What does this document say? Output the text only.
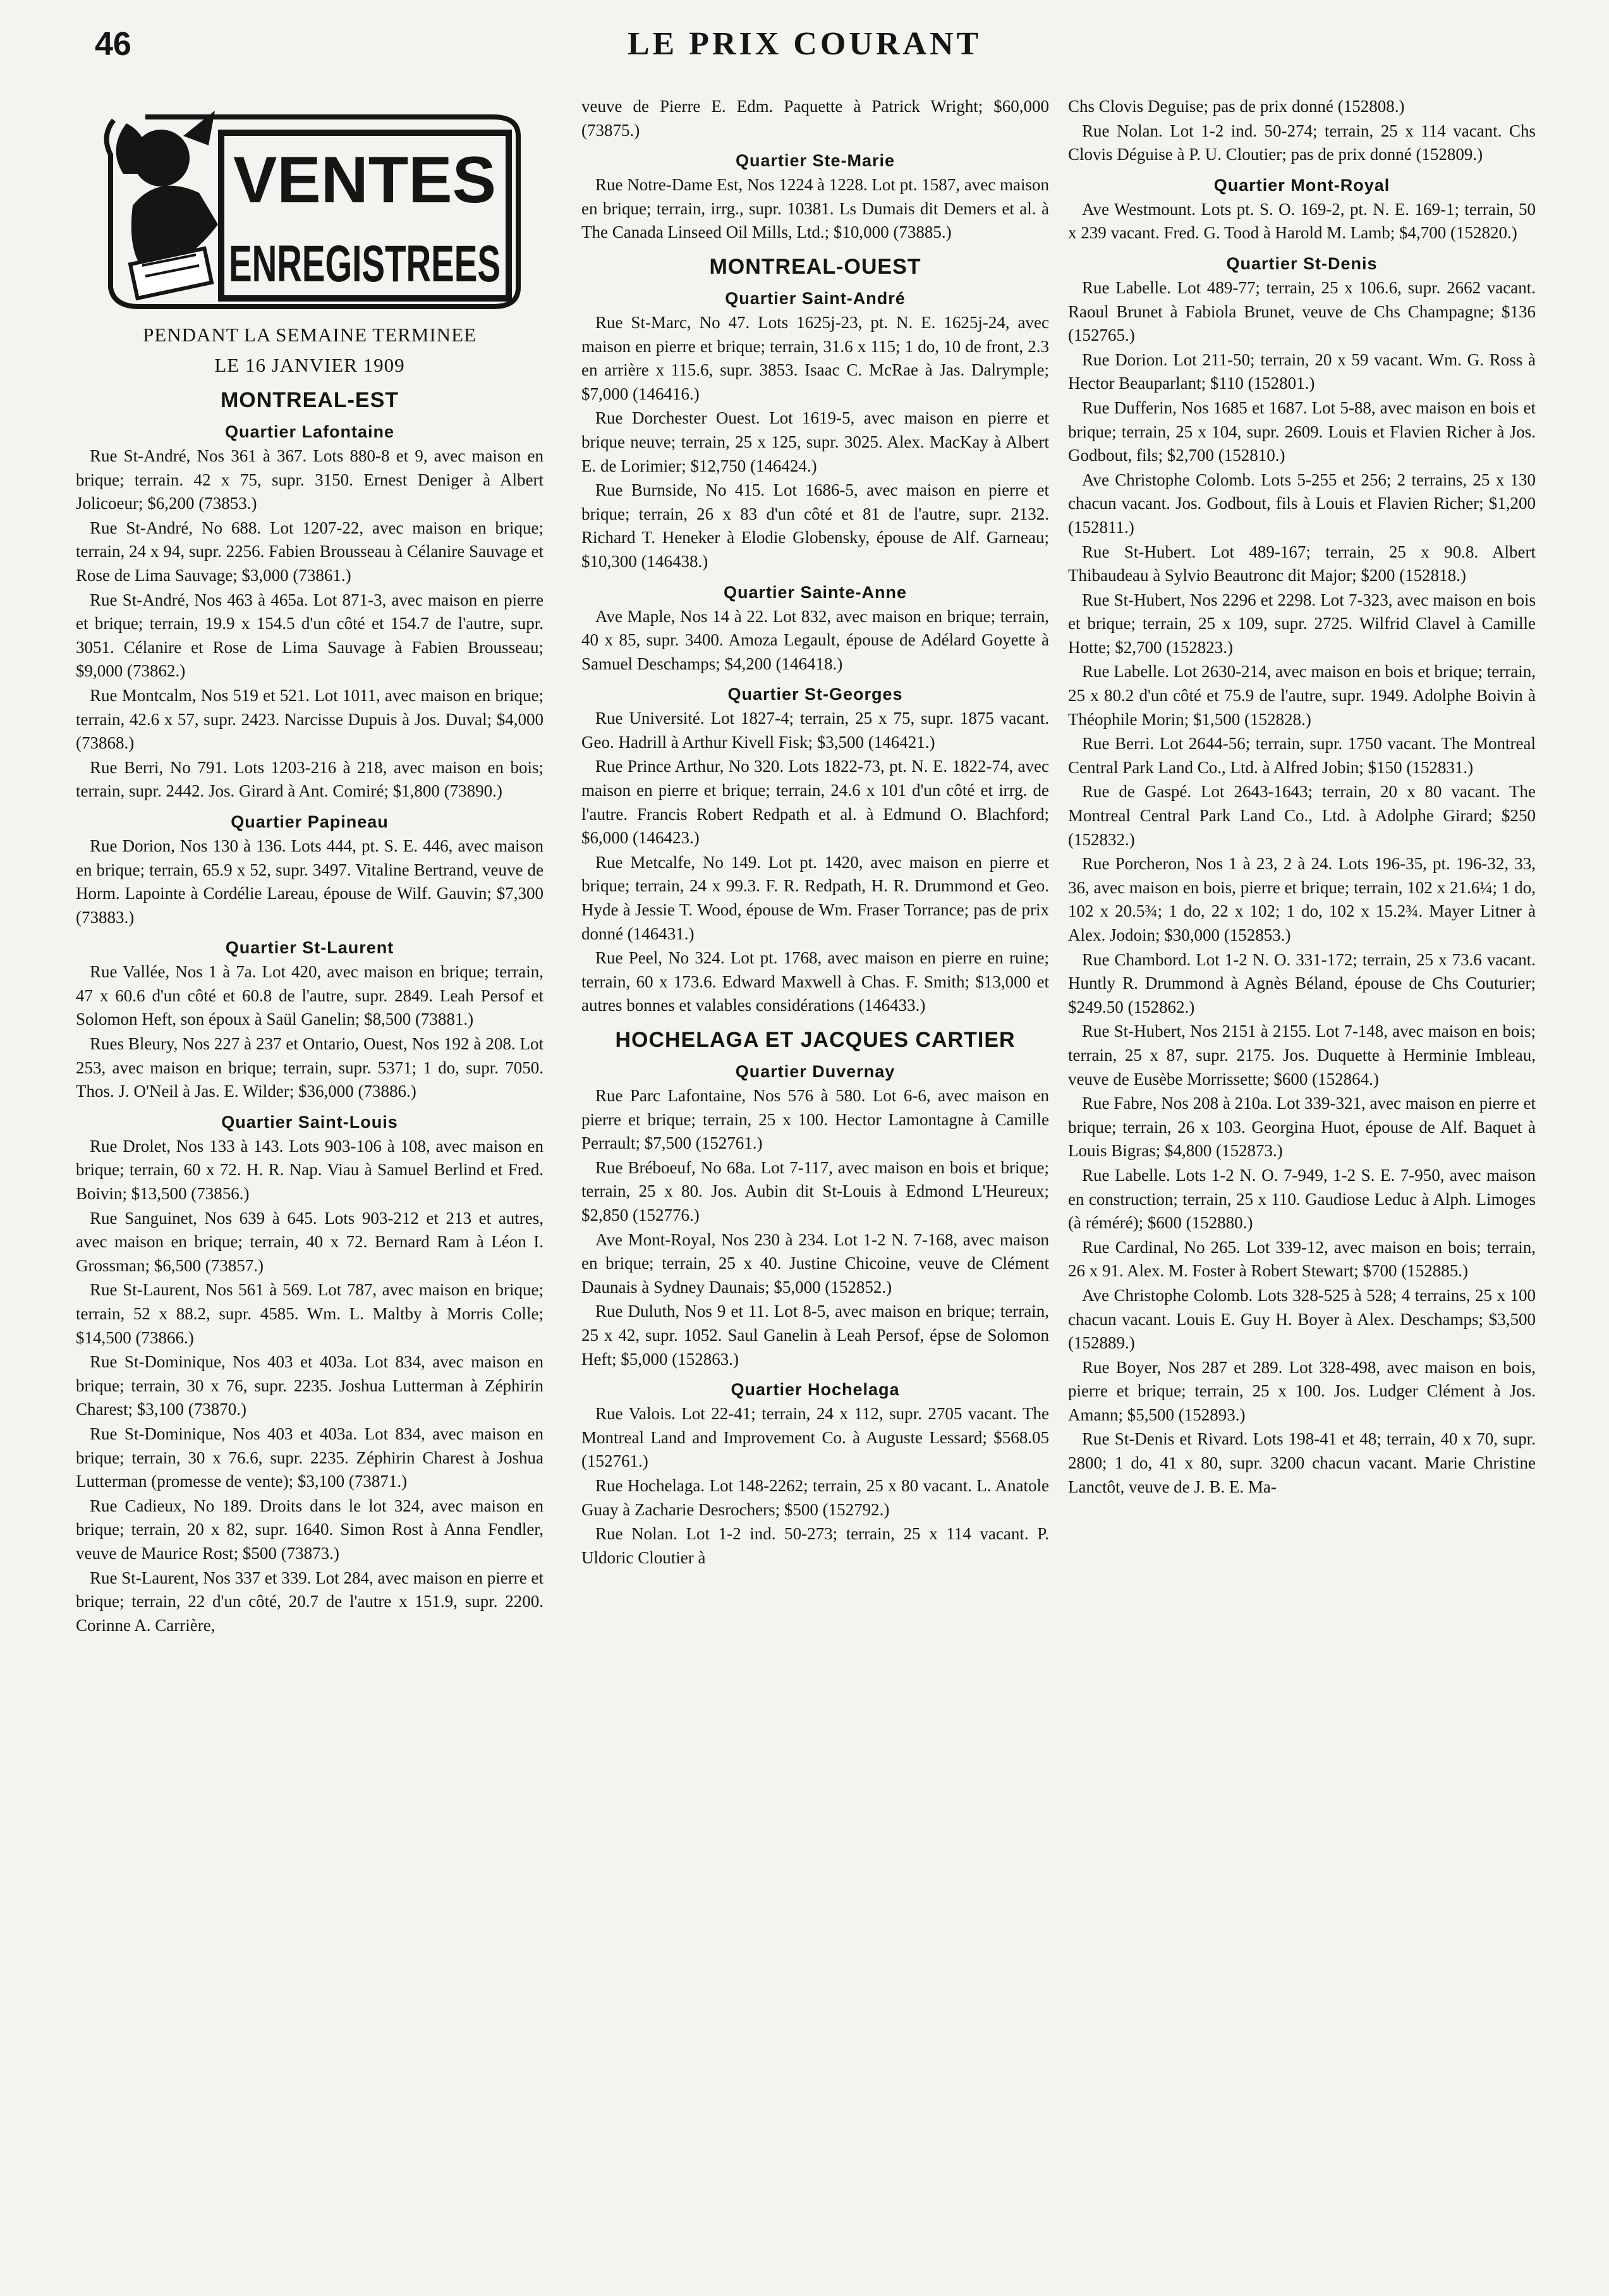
46	LE PRIX COURANT
VENTES
ENREGISTREES
PENDANT LA SEMAINE TERMINEE
LE 16 JANVIER 1909
MONTREAL-EST
Quartier Lafontaine
Rue St-André, Nos 361 à 367. Lots 880-8 et 9, avec maison en brique; terrain. 42 x 75, supr. 3150. Ernest Deniger à Albert Jolicoeur; $6,200 (73853.)
Rue St-André, No 688. Lot 1207-22, avec maison en brique; terrain, 24 x 94, supr. 2256. Fabien Brousseau à Célanire Sauvage et Rose de Lima Sauvage; $3,000 (73861.)
Rue St-André, Nos 463 à 465a. Lot 871-3, avec maison en pierre et brique; terrain, 19.9 x 154.5 d'un côté et 154.7 de l'autre, supr. 3051. Célanire et Rose de Lima Sauvage à Fabien Brousseau; $9,000 (73862.)
Rue Montcalm, Nos 519 et 521. Lot 1011, avec maison en brique; terrain, 42.6 x 57, supr. 2423. Narcisse Dupuis à Jos. Duval; $4,000 (73868.)
Rue Berri, No 791. Lots 1203-216 à 218, avec maison en bois; terrain, supr. 2442. Jos. Girard à Ant. Comiré; $1,800 (73890.)
Quartier Papineau
Rue Dorion, Nos 130 à 136. Lots 444, pt. S. E. 446, avec maison en brique; terrain, 65.9 x 52, supr. 3497. Vitaline Bertrand, veuve de Horm. Lapointe à Cordélie Lareau, épouse de Wilf. Gauvin; $7,300 (73883.)
Quartier St-Laurent
Rue Vallée, Nos 1 à 7a. Lot 420, avec maison en brique; terrain, 47 x 60.6 d'un côté et 60.8 de l'autre, supr. 2849. Leah Persof et Solomon Heft, son époux à Saül Ganelin; $8,500 (73881.)
Rues Bleury, Nos 227 à 237 et Ontario, Ouest, Nos 192 à 208. Lot 253, avec maison en brique; terrain, supr. 5371; 1 do, supr. 7050. Thos. J. O'Neil à Jas. E. Wilder; $36,000 (73886.)
Quartier Saint-Louis
Rue Drolet, Nos 133 à 143. Lots 903-106 à 108, avec maison en brique; terrain, 60 x 72. H. R. Nap. Viau à Samuel Berlind et Fred. Boivin; $13,500 (73856.)
Rue Sanguinet, Nos 639 à 645. Lots 903-212 et 213 et autres, avec maison en brique; terrain, 40 x 72. Bernard Ram à Léon I. Grossman; $6,500 (73857.)
Rue St-Laurent, Nos 561 à 569. Lot 787, avec maison en brique; terrain, 52 x 88.2, supr. 4585. Wm. L. Maltby à Morris Colle; $14,500 (73866.)
Rue St-Dominique, Nos 403 et 403a. Lot 834, avec maison en brique; terrain, 30 x 76, supr. 2235. Joshua Lutterman à Zéphirin Charest; $3,100 (73870.)
Rue St-Dominique, Nos 403 et 403a. Lot 834, avec maison en brique; terrain, 30 x 76.6, supr. 2235. Zéphirin Charest à Joshua Lutterman (promesse de vente); $3,100 (73871.)
Rue Cadieux, No 189. Droits dans le lot 324, avec maison en brique; terrain, 20 x 82, supr. 1640. Simon Rost à Anna Fendler, veuve de Maurice Rost; $500 (73873.)
Rue St-Laurent, Nos 337 et 339. Lot 284, avec maison en pierre et brique; terrain, 22 d'un côté, 20.7 de l'autre x 151.9, supr. 2200. Corinne A. Carrière,
veuve de Pierre E. Edm. Paquette à Patrick Wright; $60,000 (73875.)
Quartier Ste-Marie
Rue Notre-Dame Est, Nos 1224 à 1228. Lot pt. 1587, avec maison en brique; terrain, irrg., supr. 10381. Ls Dumais dit Demers et al. à The Canada Linseed Oil Mills, Ltd.; $10,000 (73885.)
MONTREAL-OUEST
Quartier Saint-André
Rue St-Marc, No 47. Lots 1625j-23, pt. N. E. 1625j-24, avec maison en pierre et brique; terrain, 31.6 x 115; 1 do, 10 de front, 2.3 en arrière x 115.6, supr. 3853. Isaac C. McRae à Jas. Dalrymple; $7,000 (146416.)
Rue Dorchester Ouest. Lot 1619-5, avec maison en pierre et brique neuve; terrain, 25 x 125, supr. 3025. Alex. MacKay à Albert E. de Lorimier; $12,750 (146424.)
Rue Burnside, No 415. Lot 1686-5, avec maison en pierre et brique; terrain, 26 x 83 d'un côté et 81 de l'autre, supr. 2132. Richard T. Heneker à Elodie Globensky, épouse de Alf. Garneau; $10,300 (146438.)
Quartier Sainte-Anne
Ave Maple, Nos 14 à 22. Lot 832, avec maison en brique; terrain, 40 x 85, supr. 3400. Amoza Legault, épouse de Adélard Goyette à Samuel Deschamps; $4,200 (146418.)
Quartier St-Georges
Rue Université. Lot 1827-4; terrain, 25 x 75, supr. 1875 vacant. Geo. Hadrill à Arthur Kivell Fisk; $3,500 (146421.)
Rue Prince Arthur, No 320. Lots 1822-73, pt. N. E. 1822-74, avec maison en pierre et brique; terrain, 24.6 x 101 d'un côté et irrg. de l'autre. Francis Robert Redpath et al. à Edmund O. Blachford; $6,000 (146423.)
Rue Metcalfe, No 149. Lot pt. 1420, avec maison en pierre et brique; terrain, 24 x 99.3. F. R. Redpath, H. R. Drummond et Geo. Hyde à Jessie T. Wood, épouse de Wm. Fraser Torrance; pas de prix donné (146431.)
Rue Peel, No 324. Lot pt. 1768, avec maison en pierre en ruine; terrain, 60 x 173.6. Edward Maxwell à Chas. F. Smith; $13,000 et autres bonnes et valables considérations (146433.)
HOCHELAGA ET JACQUES CARTIER
Quartier Duvernay
Rue Parc Lafontaine, Nos 576 à 580. Lot 6-6, avec maison en pierre et brique; terrain, 25 x 100. Hector Lamontagne à Camille Perrault; $7,500 (152761.)
Rue Bréboeuf, No 68a. Lot 7-117, avec maison en bois et brique; terrain, 25 x 80. Jos. Aubin dit St-Louis à Edmond L'Heureux; $2,850 (152776.)
Ave Mont-Royal, Nos 230 à 234. Lot 1-2 N. 7-168, avec maison en brique; terrain, 25 x 40. Justine Chicoine, veuve de Clément Daunais à Sydney Daunais; $5,000 (152852.)
Rue Duluth, Nos 9 et 11. Lot 8-5, avec maison en brique; terrain, 25 x 42, supr. 1052. Saul Ganelin à Leah Persof, épse de Solomon Heft; $5,000 (152863.)
Quartier Hochelaga
Rue Valois. Lot 22-41; terrain, 24 x 112, supr. 2705 vacant. The Montreal Land and Improvement Co. à Auguste Lessard; $568.05 (152761.)
Rue Hochelaga. Lot 148-2262; terrain, 25 x 80 vacant. L. Anatole Guay à Zacharie Desrochers; $500 (152792.)
Rue Nolan. Lot 1-2 ind. 50-273; terrain, 25 x 114 vacant. P. Uldoric Cloutier à
Chs Clovis Deguise; pas de prix donné (152808.)
Rue Nolan. Lot 1-2 ind. 50-274; terrain, 25 x 114 vacant. Chs Clovis Déguise à P. U. Cloutier; pas de prix donné (152809.)
Quartier Mont-Royal
Ave Westmount. Lots pt. S. O. 169-2, pt. N. E. 169-1; terrain, 50 x 239 vacant. Fred. G. Tood à Harold M. Lamb; $4,700 (152820.)
Quartier St-Denis
Rue Labelle. Lot 489-77; terrain, 25 x 106.6, supr. 2662 vacant. Raoul Brunet à Fabiola Brunet, veuve de Chs Champagne; $136 (152765.)
Rue Dorion. Lot 211-50; terrain, 20 x 59 vacant. Wm. G. Ross à Hector Beauparlant; $110 (152801.)
Rue Dufferin, Nos 1685 et 1687. Lot 5-88, avec maison en bois et brique; terrain, 25 x 104, supr. 2609. Louis et Flavien Richer à Jos. Godbout, fils; $2,700 (152810.)
Ave Christophe Colomb. Lots 5-255 et 256; 2 terrains, 25 x 130 chacun vacant. Jos. Godbout, fils à Louis et Flavien Richer; $1,200 (152811.)
Rue St-Hubert. Lot 489-167; terrain, 25 x 90.8. Albert Thibaudeau à Sylvio Beautronc dit Major; $200 (152818.)
Rue St-Hubert, Nos 2296 et 2298. Lot 7-323, avec maison en bois et brique; terrain, 25 x 109, supr. 2725. Wilfrid Clavel à Camille Hotte; $2,700 (152823.)
Rue Labelle. Lot 2630-214, avec maison en bois et brique; terrain, 25 x 80.2 d'un côté et 75.9 de l'autre, supr. 1949. Adolphe Boivin à Théophile Morin; $1,500 (152828.)
Rue Berri. Lot 2644-56; terrain, supr. 1750 vacant. The Montreal Central Park Land Co., Ltd. à Alfred Jobin; $150 (152831.)
Rue de Gaspé. Lot 2643-1643; terrain, 20 x 80 vacant. The Montreal Central Park Land Co., Ltd. à Adolphe Girard; $250 (152832.)
Rue Porcheron, Nos 1 à 23, 2 à 24. Lots 196-35, pt. 196-32, 33, 36, avec maison en bois, pierre et brique; terrain, 102 x 21.6¼; 1 do, 102 x 20.5¾; 1 do, 22 x 102; 1 do, 102 x 15.2¾. Mayer Litner à Alex. Jodoin; $30,000 (152853.)
Rue Chambord. Lot 1-2 N. O. 331-172; terrain, 25 x 73.6 vacant. Huntly R. Drummond à Agnès Béland, épouse de Chs Couturier; $249.50 (152862.)
Rue St-Hubert, Nos 2151 à 2155. Lot 7-148, avec maison en bois; terrain, 25 x 87, supr. 2175. Jos. Duquette à Herminie Imbleau, veuve de Eusèbe Morrissette; $600 (152864.)
Rue Fabre, Nos 208 à 210a. Lot 339-321, avec maison en pierre et brique; terrain, 26 x 103. Georgina Huot, épouse de Alf. Baquet à Louis Bigras; $4,800 (152873.)
Rue Labelle. Lots 1-2 N. O. 7-949, 1-2 S. E. 7-950, avec maison en construction; terrain, 25 x 110. Gaudiose Leduc à Alph. Limoges (à réméré); $600 (152880.)
Rue Cardinal, No 265. Lot 339-12, avec maison en bois; terrain, 26 x 91. Alex. M. Foster à Robert Stewart; $700 (152885.)
Ave Christophe Colomb. Lots 328-525 à 528; 4 terrains, 25 x 100 chacun vacant. Louis E. Guy H. Boyer à Alex. Deschamps; $3,500 (152889.)
Rue Boyer, Nos 287 et 289. Lot 328-498, avec maison en bois, pierre et brique; terrain, 25 x 100. Jos. Ludger Clément à Jos. Amann; $5,500 (152893.)
Rue St-Denis et Rivard. Lots 198-41 et 48; terrain, 40 x 70, supr. 2800; 1 do, 41 x 80, supr. 3200 chacun vacant. Marie Christine Lanctôt, veuve de J. B. E. Ma-
